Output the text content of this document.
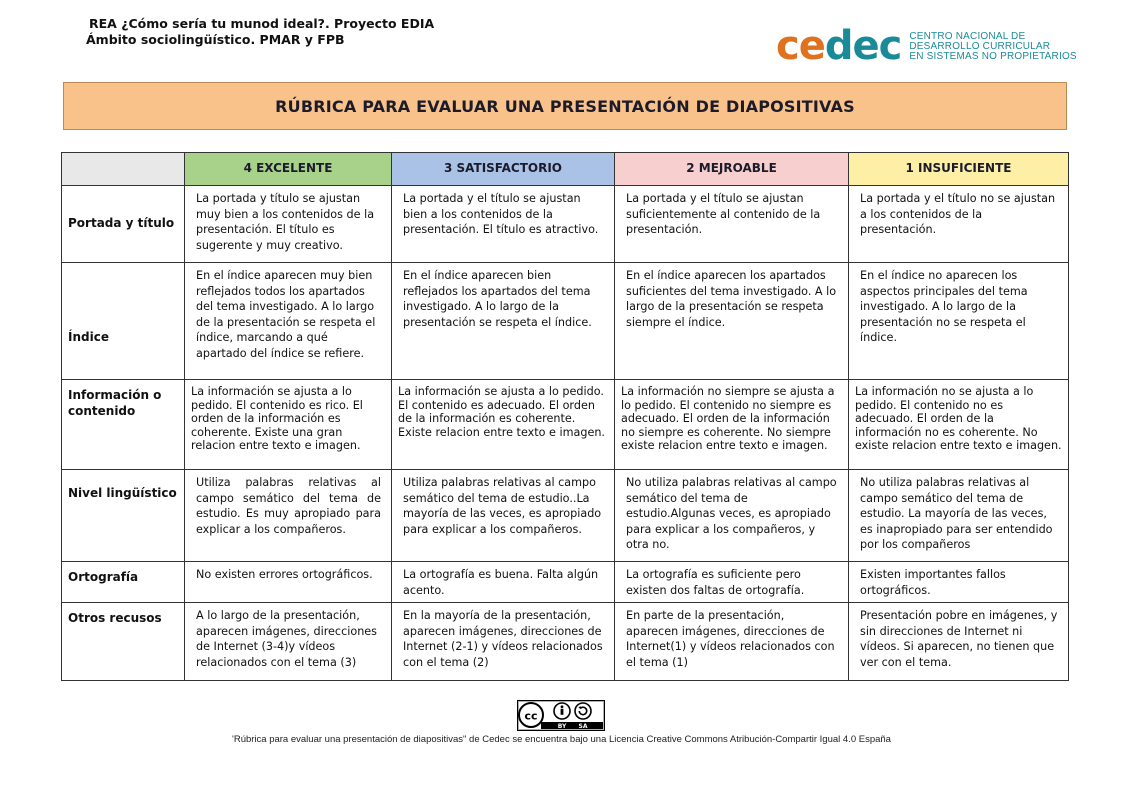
REA ¿Cómo sería tu munod ideal?. Proyecto EDIA
Ámbito sociolingüístico. PMAR y FPB	cedec CENTRO NACIONAL DE
DESARROLLO CURRICULAR
EN SISTEMAS NO PROPIETARIOS
RÚBRICA PARA EVALUAR UNA PRESENTACIÓN DE DIAPOSITIVAS
	4 EXCELENTE	3 SATISFACTORIO	2 MEJROABLE	1 INSUFICIENTE
Portada y título	La portada y título se ajustan muy bien a los contenidos de la presentación. El título es sugerente y muy creativo.	La portada y el título se ajustan bien a los contenidos de la presentación. El título es atractivo.	La portada y el título se ajustan suficientemente al contenido de la presentación.	La portada y el título no se ajustan a los contenidos de la presentación.
Índice	En el índice aparecen muy bien reflejados todos los apartados del tema investigado. A lo largo de la presentación se respeta el índice, marcando a qué apartado del índice se refiere.	En el índice aparecen bien reflejados los apartados del tema investigado. A lo largo de la presentación se respeta el índice.	En el índice aparecen los apartados suficientes del tema investigado. A lo largo de la presentación se respeta siempre el índice.	En el índice no aparecen los aspectos principales del tema investigado. A lo largo de la presentación no se respeta el índice.
Información o contenido	La información se ajusta a lo pedido. El contenido es rico. El orden de la información es coherente. Existe una gran relacion entre texto e imagen.	La información se ajusta a lo pedido. El contenido es adecuado. El orden de la información es coherente. Existe relacion entre texto e imagen.	La información no siempre se ajusta a lo pedido. El contenido no siempre es adecuado. El orden de la información no siempre es coherente. No siempre existe relacion entre texto e imagen.	La información no se ajusta a lo pedido. El contenido no es adecuado. El orden de la información no es coherente. No existe relacion entre texto e imagen.
Nivel lingüístico	Utiliza palabras relativas al campo semático del tema de estudio. Es muy apropiado para explicar a los compañeros.	Utiliza palabras relativas al campo semático del tema de estudio..La mayoría de las veces, es apropiado para explicar a los compañeros.	No utiliza palabras relativas al campo semático del tema de estudio.Algunas veces, es apropiado para explicar a los compañeros, y otra no.	No utiliza palabras relativas al campo semático del tema de estudio. La mayoría de las veces, es inapropiado para ser entendido por los compañeros
Ortografía	No existen errores ortográficos.	La ortografía es buena. Falta algún acento.	La ortografía es suficiente pero existen dos faltas de ortografía.	Existen importantes fallos ortográficos.
Otros recusos	A lo largo de la presentación, aparecen imágenes, direcciones de Internet (3-4)y vídeos relacionados con el tema (3)	En la mayoría de la presentación, aparecen imágenes, direcciones de Internet (2-1) y vídeos relacionados con el tema (2)	En parte de la presentación, aparecen imágenes, direcciones de Internet(1) y vídeos relacionados con el tema (1)	Presentación pobre en imágenes, y sin direcciones de Internet ni vídeos. Si aparecen, no tienen que ver con el tema.
cc
BY SA
'Rúbrica para evaluar una presentación de diapositivas" de Cedec se encuentra bajo una Licencia Creative Commons Atribución-Compartir Igual 4.0 España
